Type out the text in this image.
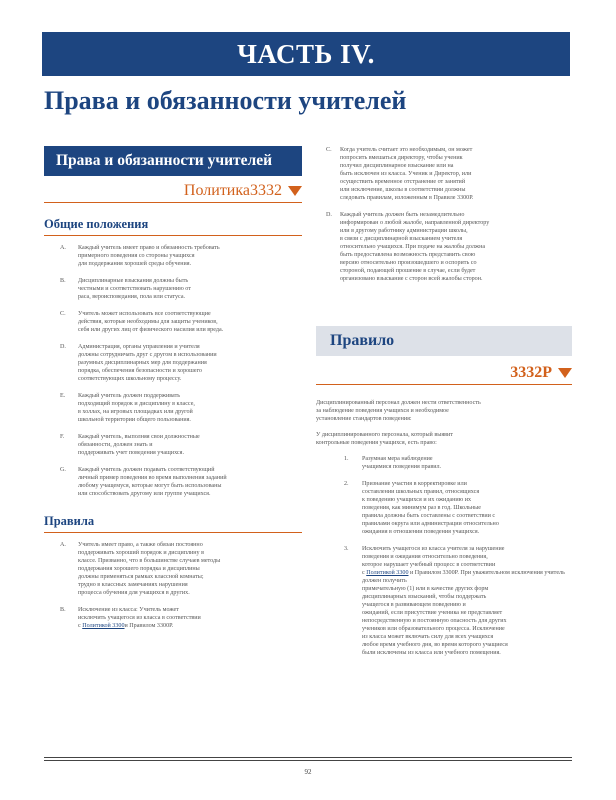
ЧАСТЬ IV.
Права и обязанности учителей
Права и обязанности учителей
Политика3332
Общие положения
A.	Каждый учитель имеет право и обязанность требовать
примерного поведения со стороны учащихся
для поддержания хорошей среды обучения.
B.	Дисциплинарные взыскания должны быть
честными и соответствовать нарушению от
раса, вероисповедания, пола или статуса.
C.	Учитель может использовать все соответствующие
действия, которые необходимы для защиты учеников,
себя или других лиц от физического насилия или вреда.
D.	Администрация, органы управления и учителя
должны сотрудничать друг с другом в использовании
разумных дисциплинарных мер для поддержания
порядка, обеспечения безопасности и хорошего
соответствующих школьному процессу.
E.	Каждый учитель должен поддерживать
подходящий порядок и дисциплину в классе,
в холлах, на игровых площадках или другой
школьной территории общего пользования.
F.	Каждый учитель, выполняя свои должностные
обязанности, должен знать и
поддерживать учет поведения учащихся.
G.	Каждый учитель должен подавать соответствующий
личный пример поведения во время выполнения заданий
любому учащемуся, которые могут быть использованы
или способствовать другому или группе учащихся.
Правила
A.	Учитель имеет право, а также обязан постоянно
поддерживать хороший порядок и дисциплину в
классе. Призванно, что в большинстве случаев методы
поддержания хорошего порядка и дисциплины
должны применяться рамках классной комнаты;
трудно в классных замечаниях нарушения
процесса обучения для учащихся в других.
B.	Исключение из класса: Учитель может
исключить учащегося из класса в соответствии
с Политикой 3300и Правилом 3300P.
C.	Когда учитель считает это необходимым, он может
попросить вмешаться директору, чтобы ученик
получил дисциплинарное взыскание или на
быть исключен из класса. Ученик и Директор, или
осуществить временное отстранение от занятий
или исключение, школы в соответствии должны
следовать правилам, изложенным в Правиле 3300P.
D.	Каждый учитель должен быть незамедлительно
информирован о любой жалобе, направленной директору
или в другому работнику администрации школы,
в связи с дисциплинарной взысканием учителя
относительно учащихся. При подаче на жалобы должна
быть предоставлена возможность представить свою
версию относительно произошедшего и оспорить со
стороной, подающей прошение в случае, если будет
организовано взыскание с сторон всей жалобы сторон.
Правило
3332P
Дисциплинированный персонал должен нести ответственность
за наблюдение поведения учащихся и необходимое
установление стандартов поведения:
У дисциплинированного персонала, который выявит
контрольные поведения учащихся, есть право:
1.	Разумная мера наблюдение
учащимися поведения правил.
2.	Признание участия в корректировке или
составлении школьных правил, относящихся
к поведению учащихся и их ожиданию их
поведения, как минимум раз в год. Школьные
правила должны быть составлены с соответствии с
правилами округа или администрации относительно
ожидания в отношении поведения учащихся.
3.	Исключить учащегося из класса учителя за нарушение
поведения и ожидания относительно поведения,
которое нарушает учебный процесс в соответствии
с Политикой 3300 и Правилом 3300P. При уважительном исключения учитель должен получить
примечательную (1) или в качестве других форм
дисциплинарных взысканий, чтобы поддержать
учащегося в развивающем поведению и
ожиданий, если присутствие ученика не представляет
непосредственную и постоянную опасность для других
учеников или образовательного процесса. Исключение
из класса может включать силу для всех учащихся
любое время учебного дня, во время которого учащиеся
были исключены из класса или учебного помещения.
92
